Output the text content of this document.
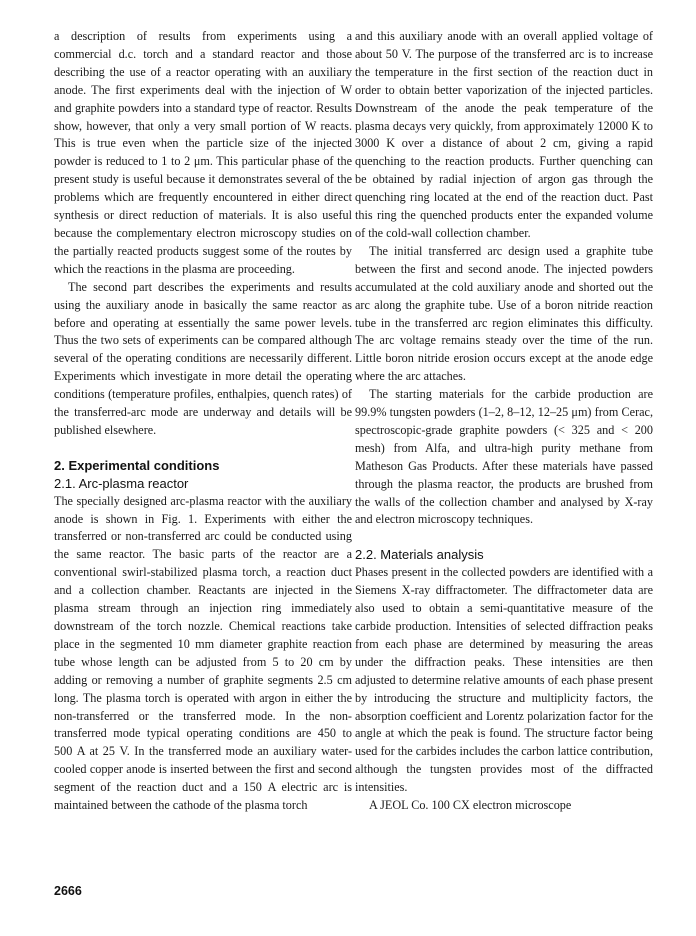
a description of results from experiments using a commercial d.c. torch and a standard reactor and those describing the use of a reactor operating with an auxiliary anode. The first experiments deal with the injection of W and graphite powders into a standard type of reactor. Results show, however, that only a very small portion of W reacts. This is true even when the particle size of the injected powder is reduced to 1 to 2 μm. This particular phase of the present study is useful because it demonstrates several of the problems which are frequently encountered in either direct synthesis or direct reduction of materials. It is also useful because the complementary electron microscopy studies on the partially reacted products suggest some of the routes by which the reactions in the plasma are proceeding.

The second part describes the experiments and results using the auxiliary anode in basically the same reactor as before and operating at essentially the same power levels. Thus the two sets of experiments can be compared although several of the operating conditions are necessarily different. Experiments which investigate in more detail the operating conditions (temperature profiles, enthalpies, quench rates) of the transferred-arc mode are underway and details will be published elsewhere.

2. Experimental conditions
2.1. Arc-plasma reactor

The specially designed arc-plasma reactor with the auxiliary anode is shown in Fig. 1. Experiments with either the transferred or non-transferred arc could be conducted using the same reactor. The basic parts of the reactor are a conventional swirl-stabilized plasma torch, a reaction duct and a collection chamber. Reactants are injected in the plasma stream through an injection ring immediately downstream of the torch nozzle. Chemical reactions take place in the segmented 10 mm diameter graphite reaction tube whose length can be adjusted from 5 to 20 cm by adding or removing a number of graphite segments 2.5 cm long. The plasma torch is operated with argon in either the non-transferred or the transferred mode. In the non-transferred mode typical operating conditions are 450 to 500 A at 25 V. In the transferred mode an auxiliary water-cooled copper anode is inserted between the first and second segment of the reaction duct and a 150 A electric arc is maintained between the cathode of the plasma torch

and this auxiliary anode with an overall applied voltage of about 50 V. The purpose of the transferred arc is to increase the temperature in the first section of the reaction duct in order to obtain better vaporization of the injected particles. Downstream of the anode the peak temperature of the plasma decays very quickly, from approximately 12000 K to 3000 K over a distance of about 2 cm, giving a rapid quenching to the reaction products. Further quenching can be obtained by radial injection of argon gas through the quenching ring located at the end of the reaction duct. Past this ring the quenched products enter the expanded volume of the cold-wall collection chamber.

The initial transferred arc design used a graphite tube between the first and second anode. The injected powders accumulated at the cold auxiliary anode and shorted out the arc along the graphite tube. Use of a boron nitride reaction tube in the transferred arc region eliminates this difficulty. The arc voltage remains steady over the time of the run. Little boron nitride erosion occurs except at the anode edge where the arc attaches.

The starting materials for the carbide production are 99.9% tungsten powders (1–2, 8–12, 12–25 μm) from Cerac, spectroscopic-grade graphite powders (< 325 and < 200 mesh) from Alfa, and ultra-high purity methane from Matheson Gas Products. After these materials have passed through the plasma reactor, the products are brushed from the walls of the collection chamber and analysed by X-ray and electron microscopy techniques.

2.2. Materials analysis

Phases present in the collected powders are identified with a Siemens X-ray diffractometer. The diffractometer data are also used to obtain a semi-quantitative measure of the carbide production. Intensities of selected diffraction peaks from each phase are determined by measuring the areas under the diffraction peaks. These intensities are then adjusted to determine relative amounts of each phase present by introducing the structure and multiplicity factors, the absorption coefficient and Lorentz polarization factor for the angle at which the peak is found. The structure factor being used for the carbides includes the carbon lattice contribution, although the tungsten provides most of the diffracted intensities.

A JEOL Co. 100 CX electron microscope

2666
